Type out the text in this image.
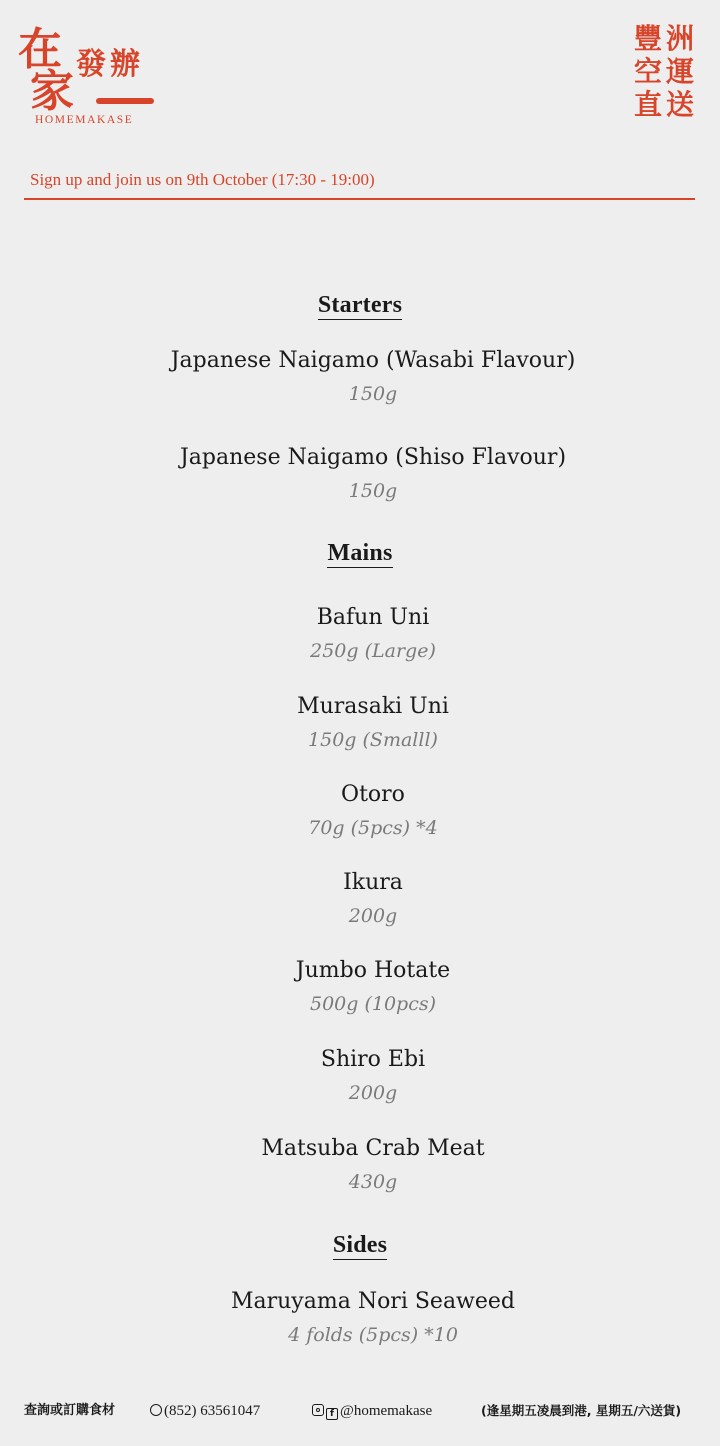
在
家
發 辦
HOMEMAKASE
豐 洲
空 運
直 送
Sign up and join us on 9th October (17:30 - 19:00)
Starters
Japanese Naigamo (Wasabi Flavour)
150g
Japanese Naigamo (Shiso Flavour)
150g
Mains
Bafun Uni
250g (Large)
Murasaki Uni
150g (Smalll)
Otoro
70g (5pcs) *4
Ikura
200g
Jumbo Hotate
500g (10pcs)
Shiro Ebi
200g
Matsuba Crab Meat
430g
Sides
Maruyama Nori Seaweed
4 folds (5pcs) *10
查詢或訂購食材	(852) 63561047	f @homemakase	(逢星期五凌晨到港, 星期五/六送貨)
